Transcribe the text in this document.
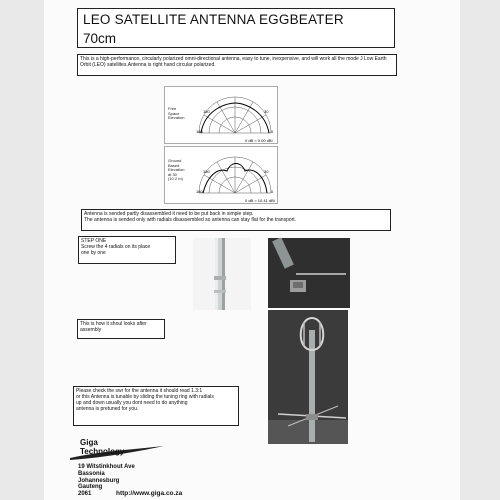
LEO SATELLITE ANTENNA EGGBEATER
70cm
This is a high-performance, circularly polarized omni-directional antenna, easy to tune, inexpensive, and will work all the mode J Low Earth Orbit (LEO) satellites.Antenna is right hand circular polarized.
Free
Space
Elevation
180
150	30
0
0 dB = 0.00 dBi
Ground
Based
Elevation
at 30
(10.2 m)
180
150	30
0
0 dB = 10.41 dBi
Antenna is sended partly disassembled it need to be put back in simple step.
The antenna is sended only with radials disassembled so antenna can stay flat for the transport.
STEP ONE
Screw the 4 radials on its place
one by one
This is how it shoul looks after
assembly
Please check the swr for the antenna it should read 1.3:1
or this Antenna is tunable by sliding the tuning ring with radials
up and down usually you dont need to do anything
antenna is pretuned for you.
Giga
Technology
19 Witstinkhout Ave
Bassonia
Johannesburg
Gauteng
2061	http://www.giga.co.za
